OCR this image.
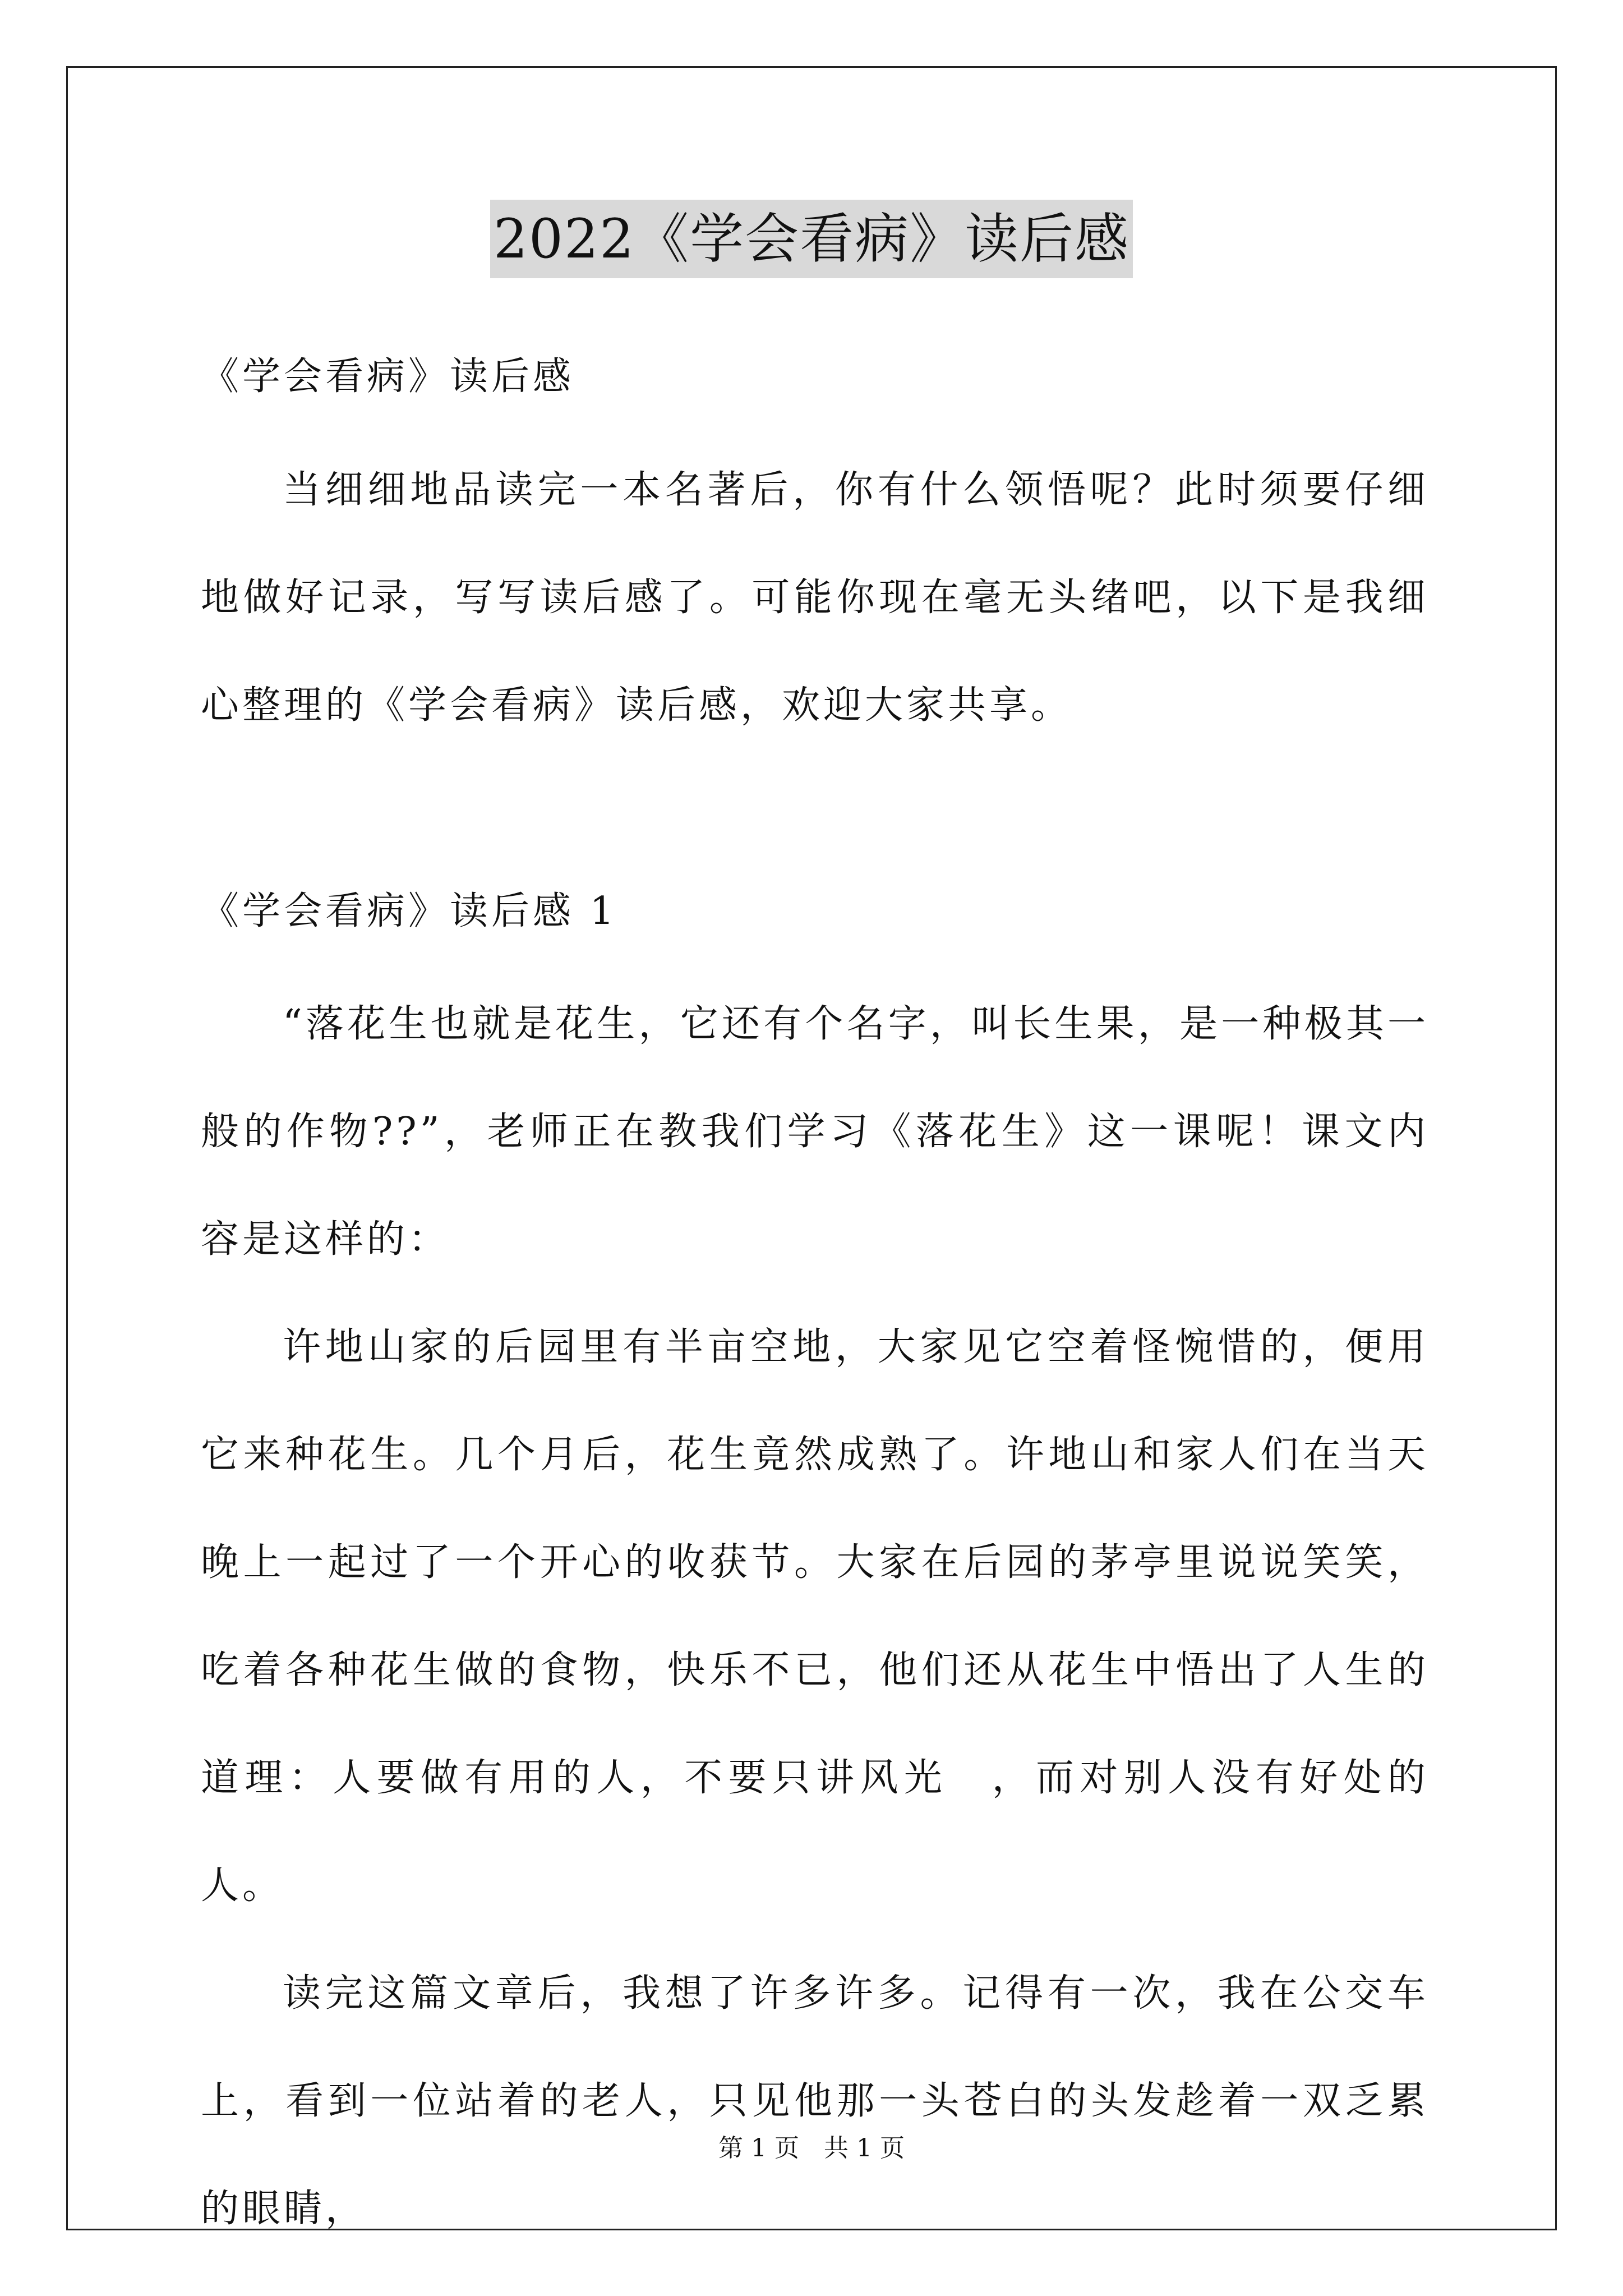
2022《学会看病》读后感
《学会看病》读后感

当细细地品读完一本名著后，你有什么领悟呢？此时须要仔细地做好记录，写写读后感了。可能你现在毫无头绪吧，以下是我细心整理的《学会看病》读后感，欢迎大家共享。

《学会看病》读后感 1

“落花生也就是花生，它还有个名字，叫长生果，是一种极其一般的作物??”，老师正在教我们学习《落花生》这一课呢！课文内容是这样的：

许地山家的后园里有半亩空地，大家见它空着怪惋惜的，便用它来种花生。几个月后，花生竟然成熟了。许地山和家人们在当天晚上一起过了一个开心的收获节。大家在后园的茅亭里说说笑笑，吃着各种花生做的食物，快乐不已，他们还从花生中悟出了人生的道理：人要做有用的人，不要只讲风光　，而对别人没有好处的人。

读完这篇文章后，我想了许多许多。记得有一次，我在公交车上，看到一位站着的老人，只见他那一头苍白的头发趁着一双乏累的眼睛，

第 1 页　共 1 页
